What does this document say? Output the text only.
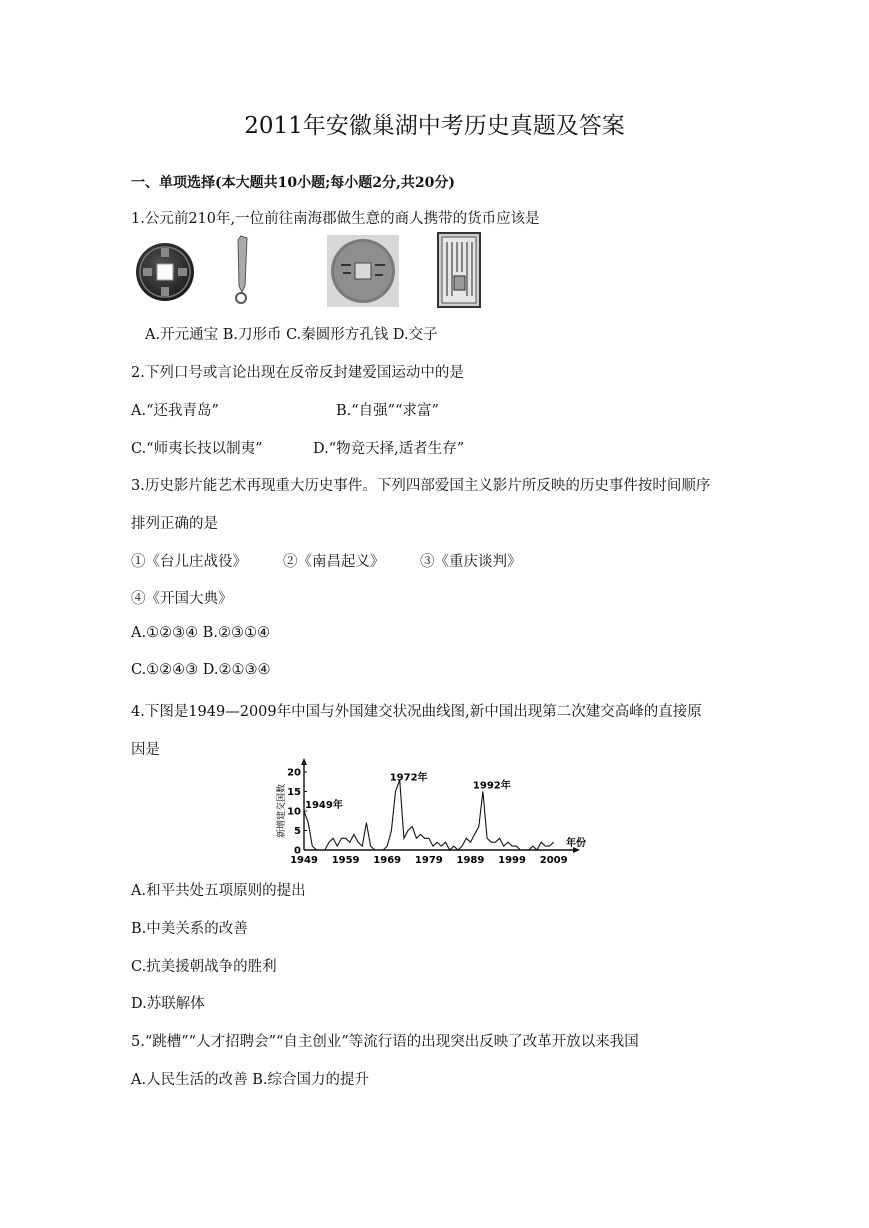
2011年安徽巢湖中考历史真题及答案
一、单项选择(本大题共10小题;每小题2分,共20分)
1.公元前210年,一位前往南海郡做生意的商人携带的货币应该是
A.开元通宝 B.刀形币 C.秦圆形方孔钱 D.交子
2.下列口号或言论出现在反帝反封建爱国运动中的是
A.“还我青岛”	B.“自强”“求富”
C.“师夷长技以制夷”	D.“物竞天择,适者生存”
3.历史影片能艺术再现重大历史事件。下列四部爱国主义影片所反映的历史事件按时间顺序
排列正确的是
①《台儿庄战役》 ②《南昌起义》 ③《重庆谈判》
④《开国大典》
A.①②③④ B.②③①④
C.①②④③ D.②①③④
4.下图是1949—2009年中国与外国建交状况曲线图,新中国出现第二次建交高峰的直接原
因是
0
5
10
15
20
1949 1959 1969 1979 1989 1999 2009
新增建交国数
年份
1949年
1972年
1992年
A.和平共处五项原则的提出
B.中美关系的改善
C.抗美援朝战争的胜利
D.苏联解体
5.“跳槽”“人才招聘会”“自主创业”等流行语的出现突出反映了改革开放以来我国
A.人民生活的改善 B.综合国力的提升
